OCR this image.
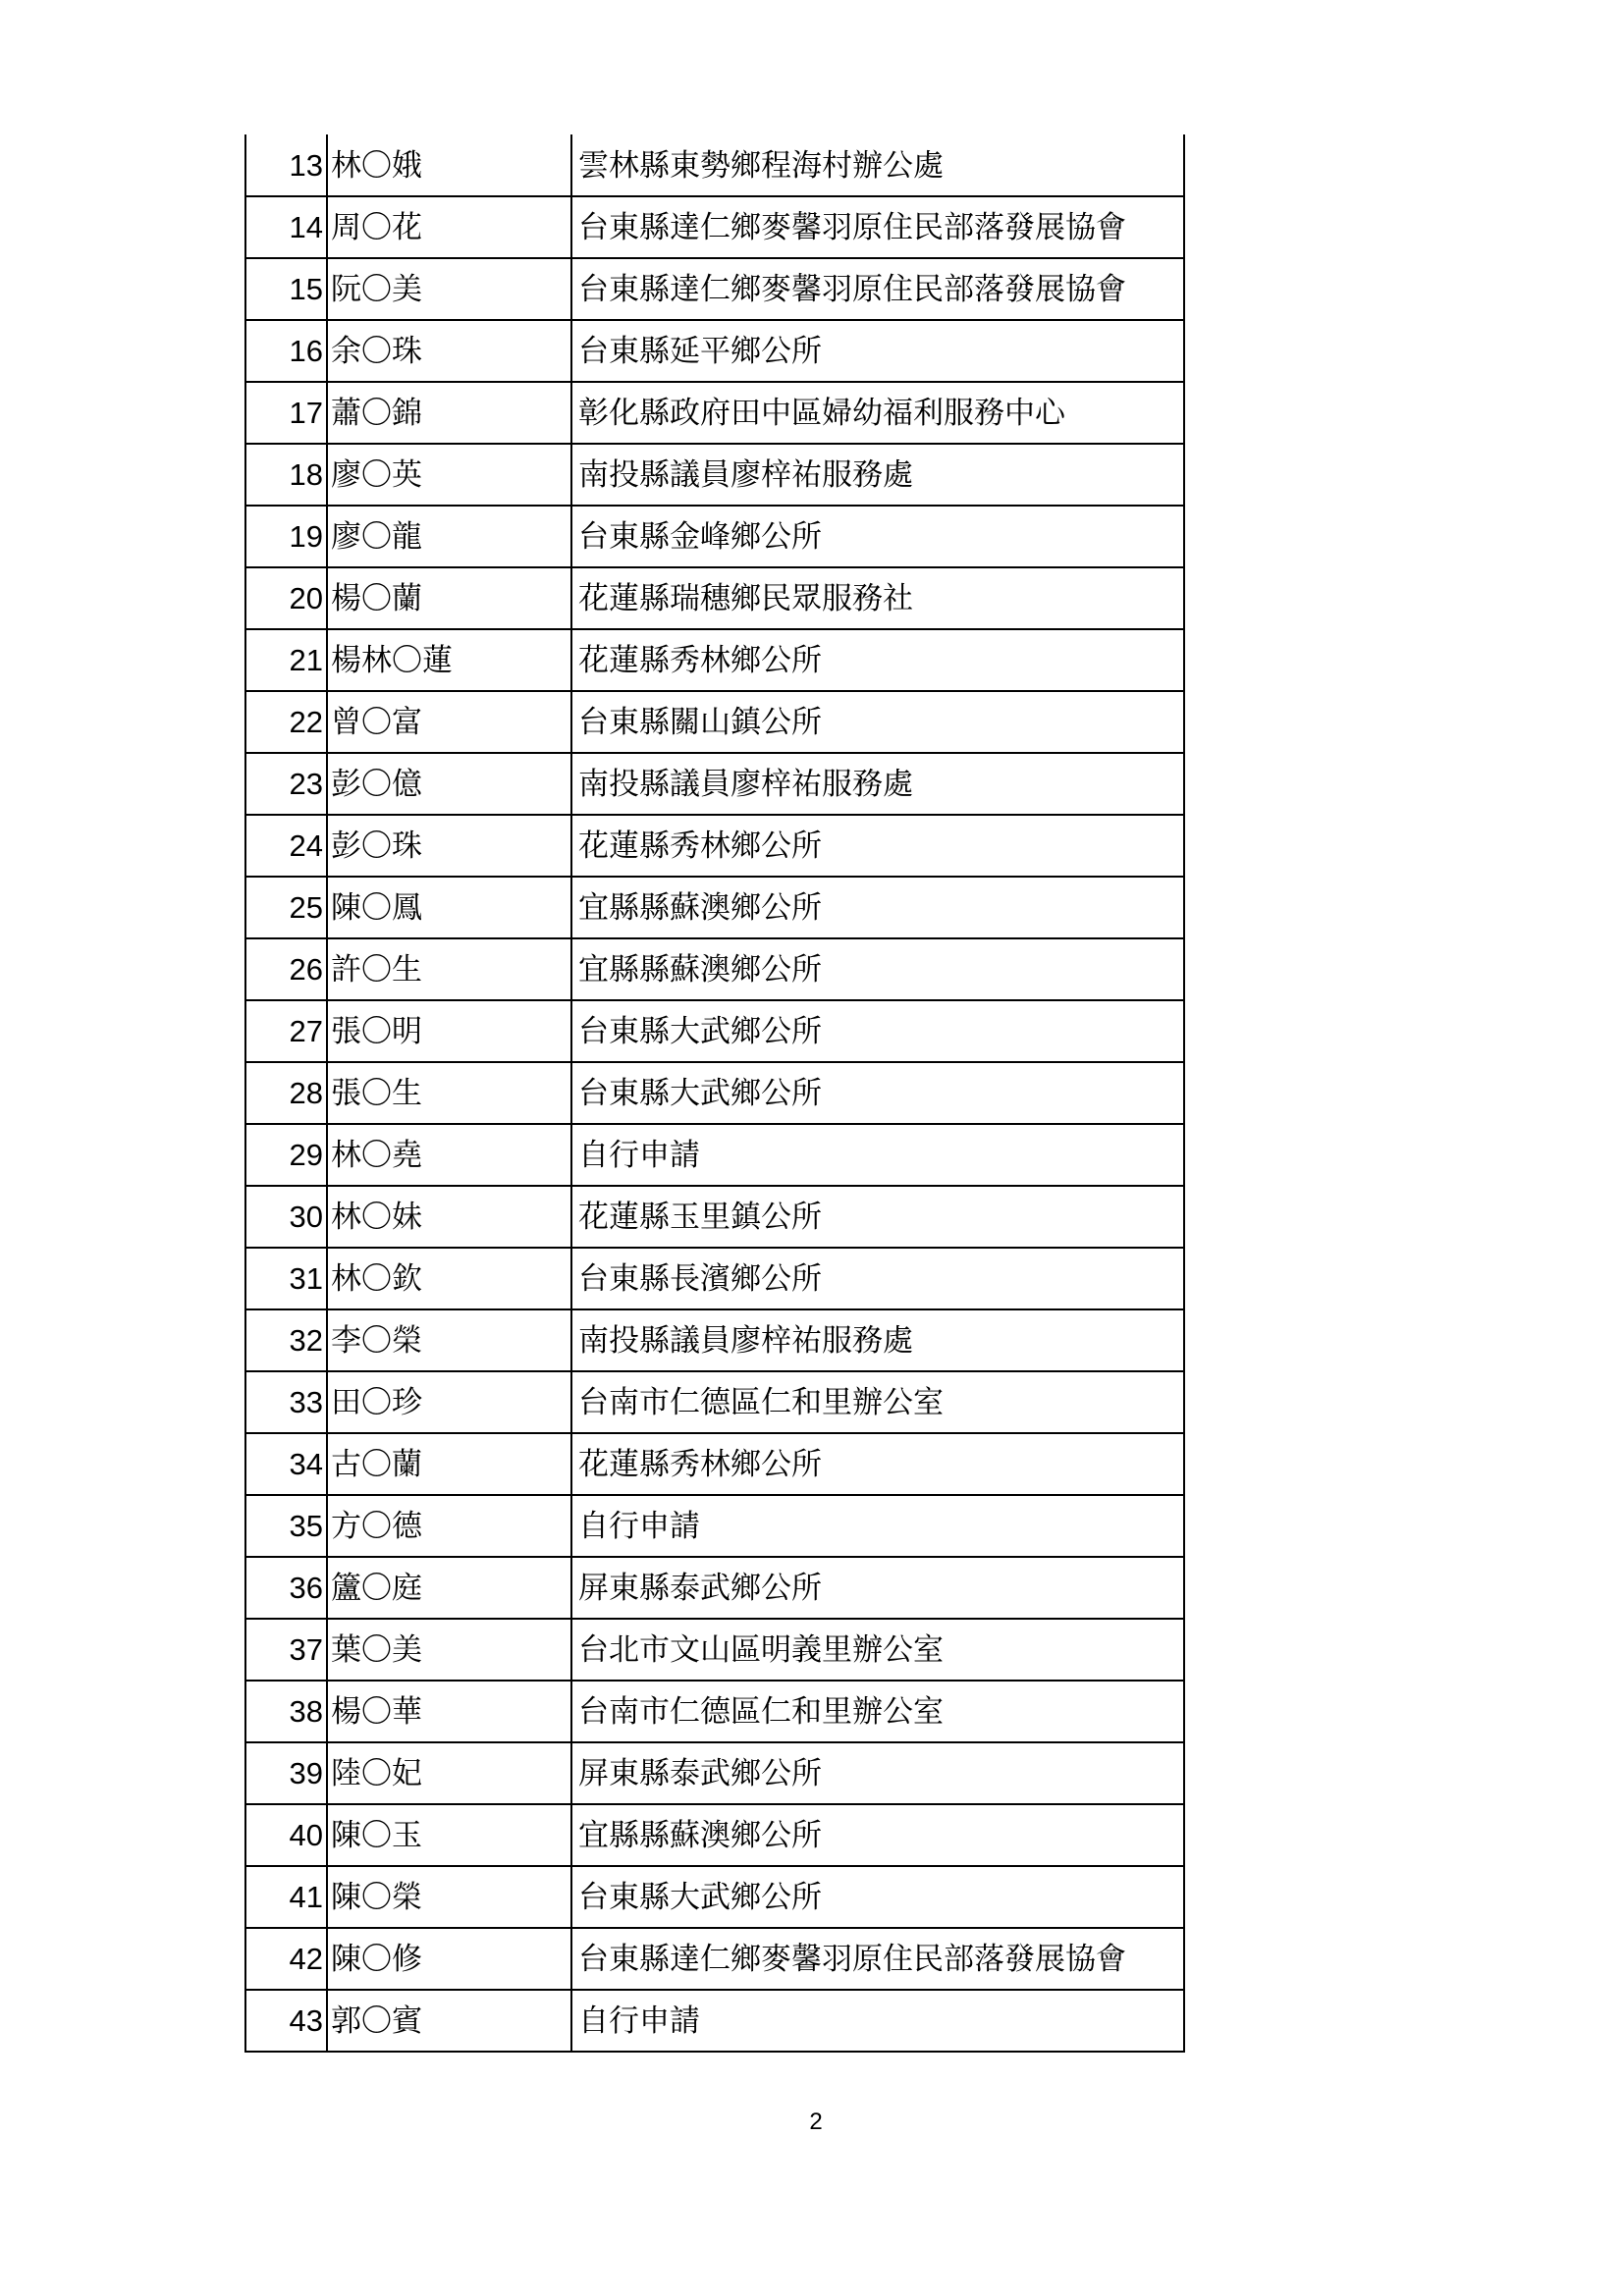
13	林〇娥	雲林縣東勢鄉程海村辦公處
14	周〇花	台東縣達仁鄉麥馨羽原住民部落發展協會
15	阮〇美	台東縣達仁鄉麥馨羽原住民部落發展協會
16	余〇珠	台東縣延平鄉公所
17	蕭〇錦	彰化縣政府田中區婦幼福利服務中心
18	廖〇英	南投縣議員廖梓祐服務處
19	廖〇龍	台東縣金峰鄉公所
20	楊〇蘭	花蓮縣瑞穗鄉民眾服務社
21	楊林〇蓮	花蓮縣秀林鄉公所
22	曾〇富	台東縣關山鎮公所
23	彭〇億	南投縣議員廖梓祐服務處
24	彭〇珠	花蓮縣秀林鄉公所
25	陳〇鳳	宜縣縣蘇澳鄉公所
26	許〇生	宜縣縣蘇澳鄉公所
27	張〇明	台東縣大武鄉公所
28	張〇生	台東縣大武鄉公所
29	林〇堯	自行申請
30	林〇妹	花蓮縣玉里鎮公所
31	林〇欽	台東縣長濱鄉公所
32	李〇榮	南投縣議員廖梓祐服務處
33	田〇珍	台南市仁德區仁和里辦公室
34	古〇蘭	花蓮縣秀林鄉公所
35	方〇德	自行申請
36	籚〇庭	屏東縣泰武鄉公所
37	葉〇美	台北市文山區明義里辦公室
38	楊〇華	台南市仁德區仁和里辦公室
39	陸〇妃	屏東縣泰武鄉公所
40	陳〇玉	宜縣縣蘇澳鄉公所
41	陳〇榮	台東縣大武鄉公所
42	陳〇修	台東縣達仁鄉麥馨羽原住民部落發展協會
43	郭〇賓	自行申請
2
